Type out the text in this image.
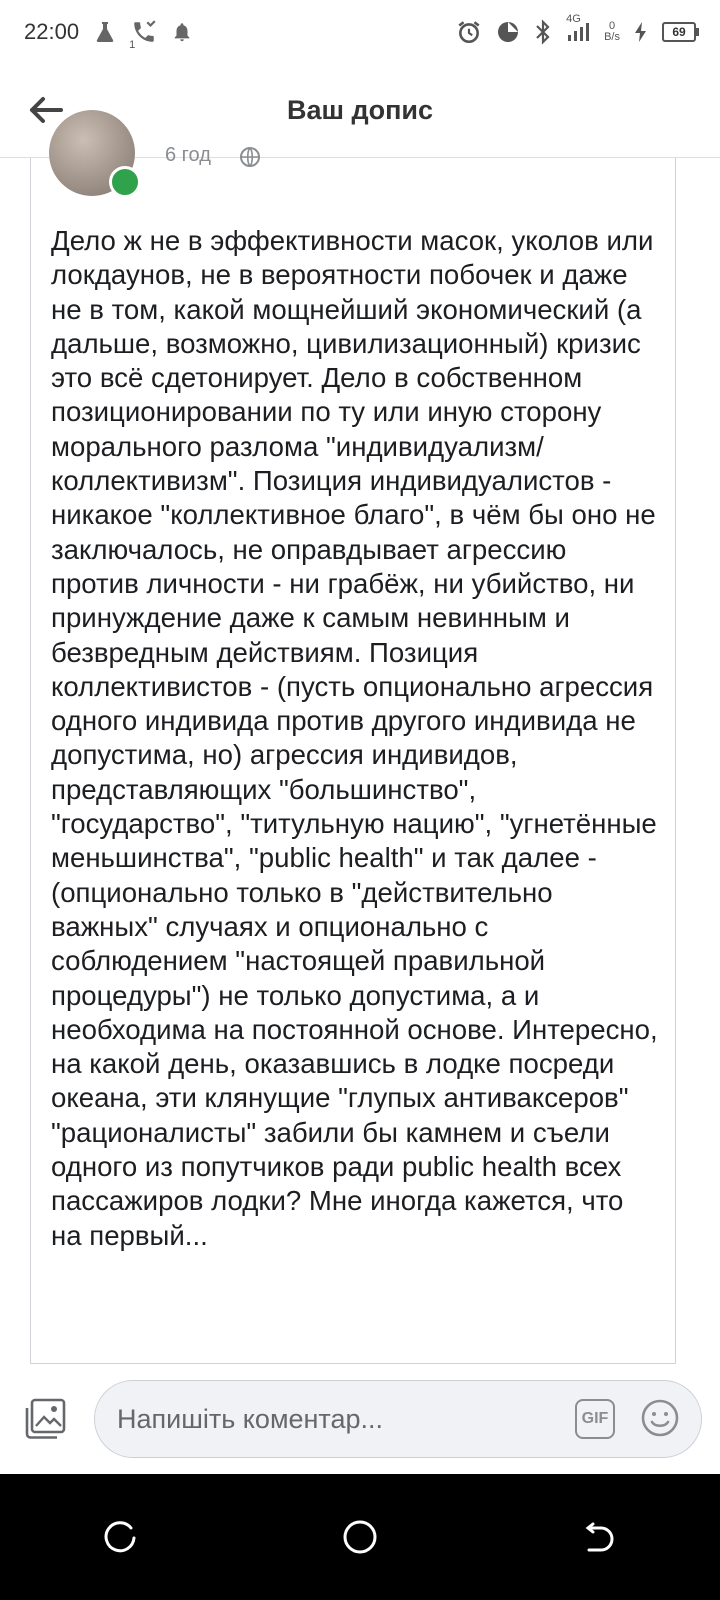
22:00
1
4G
0
B/s	69
Ваш допис
6 год
Дело ж не в эффективности масок, уколов или локдаунов, не в вероятности побочек и даже не в том, какой мощнейший экономический (а дальше, возможно, цивилизационный) кризис это всё сдетонирует. Дело в собственном позиционировании по ту или иную сторону морального разлома "индивидуализм/коллективизм". Позиция индивидуалистов - никакое "коллективное благо", в чём бы оно не заключалось, не оправдывает агрессию против личности - ни грабёж, ни убийство, ни принуждение даже к самым невинным и безвредным действиям. Позиция коллективистов - (пусть опционально агрессия одного индивида против другого индивида не допустима, но) агрессия индивидов, представляющих "большинство", "государство", "титульную нацию", "угнетённые меньшинства", "public health" и так далее - (опционально только в "действительно важных" случаях и опционально с соблюдением "настоящей правильной процедуры") не только допустима, а и необходима на постоянной основе. Интересно, на какой день, оказавшись в лодке посреди океана, эти клянущие "глупых антиваксеров" "рационалисты" забили бы камнем и съели одного из попутчиков ради public health всех пассажиров лодки? Мне иногда кажется, что на первый...
Напишіть коментар...
GIF
